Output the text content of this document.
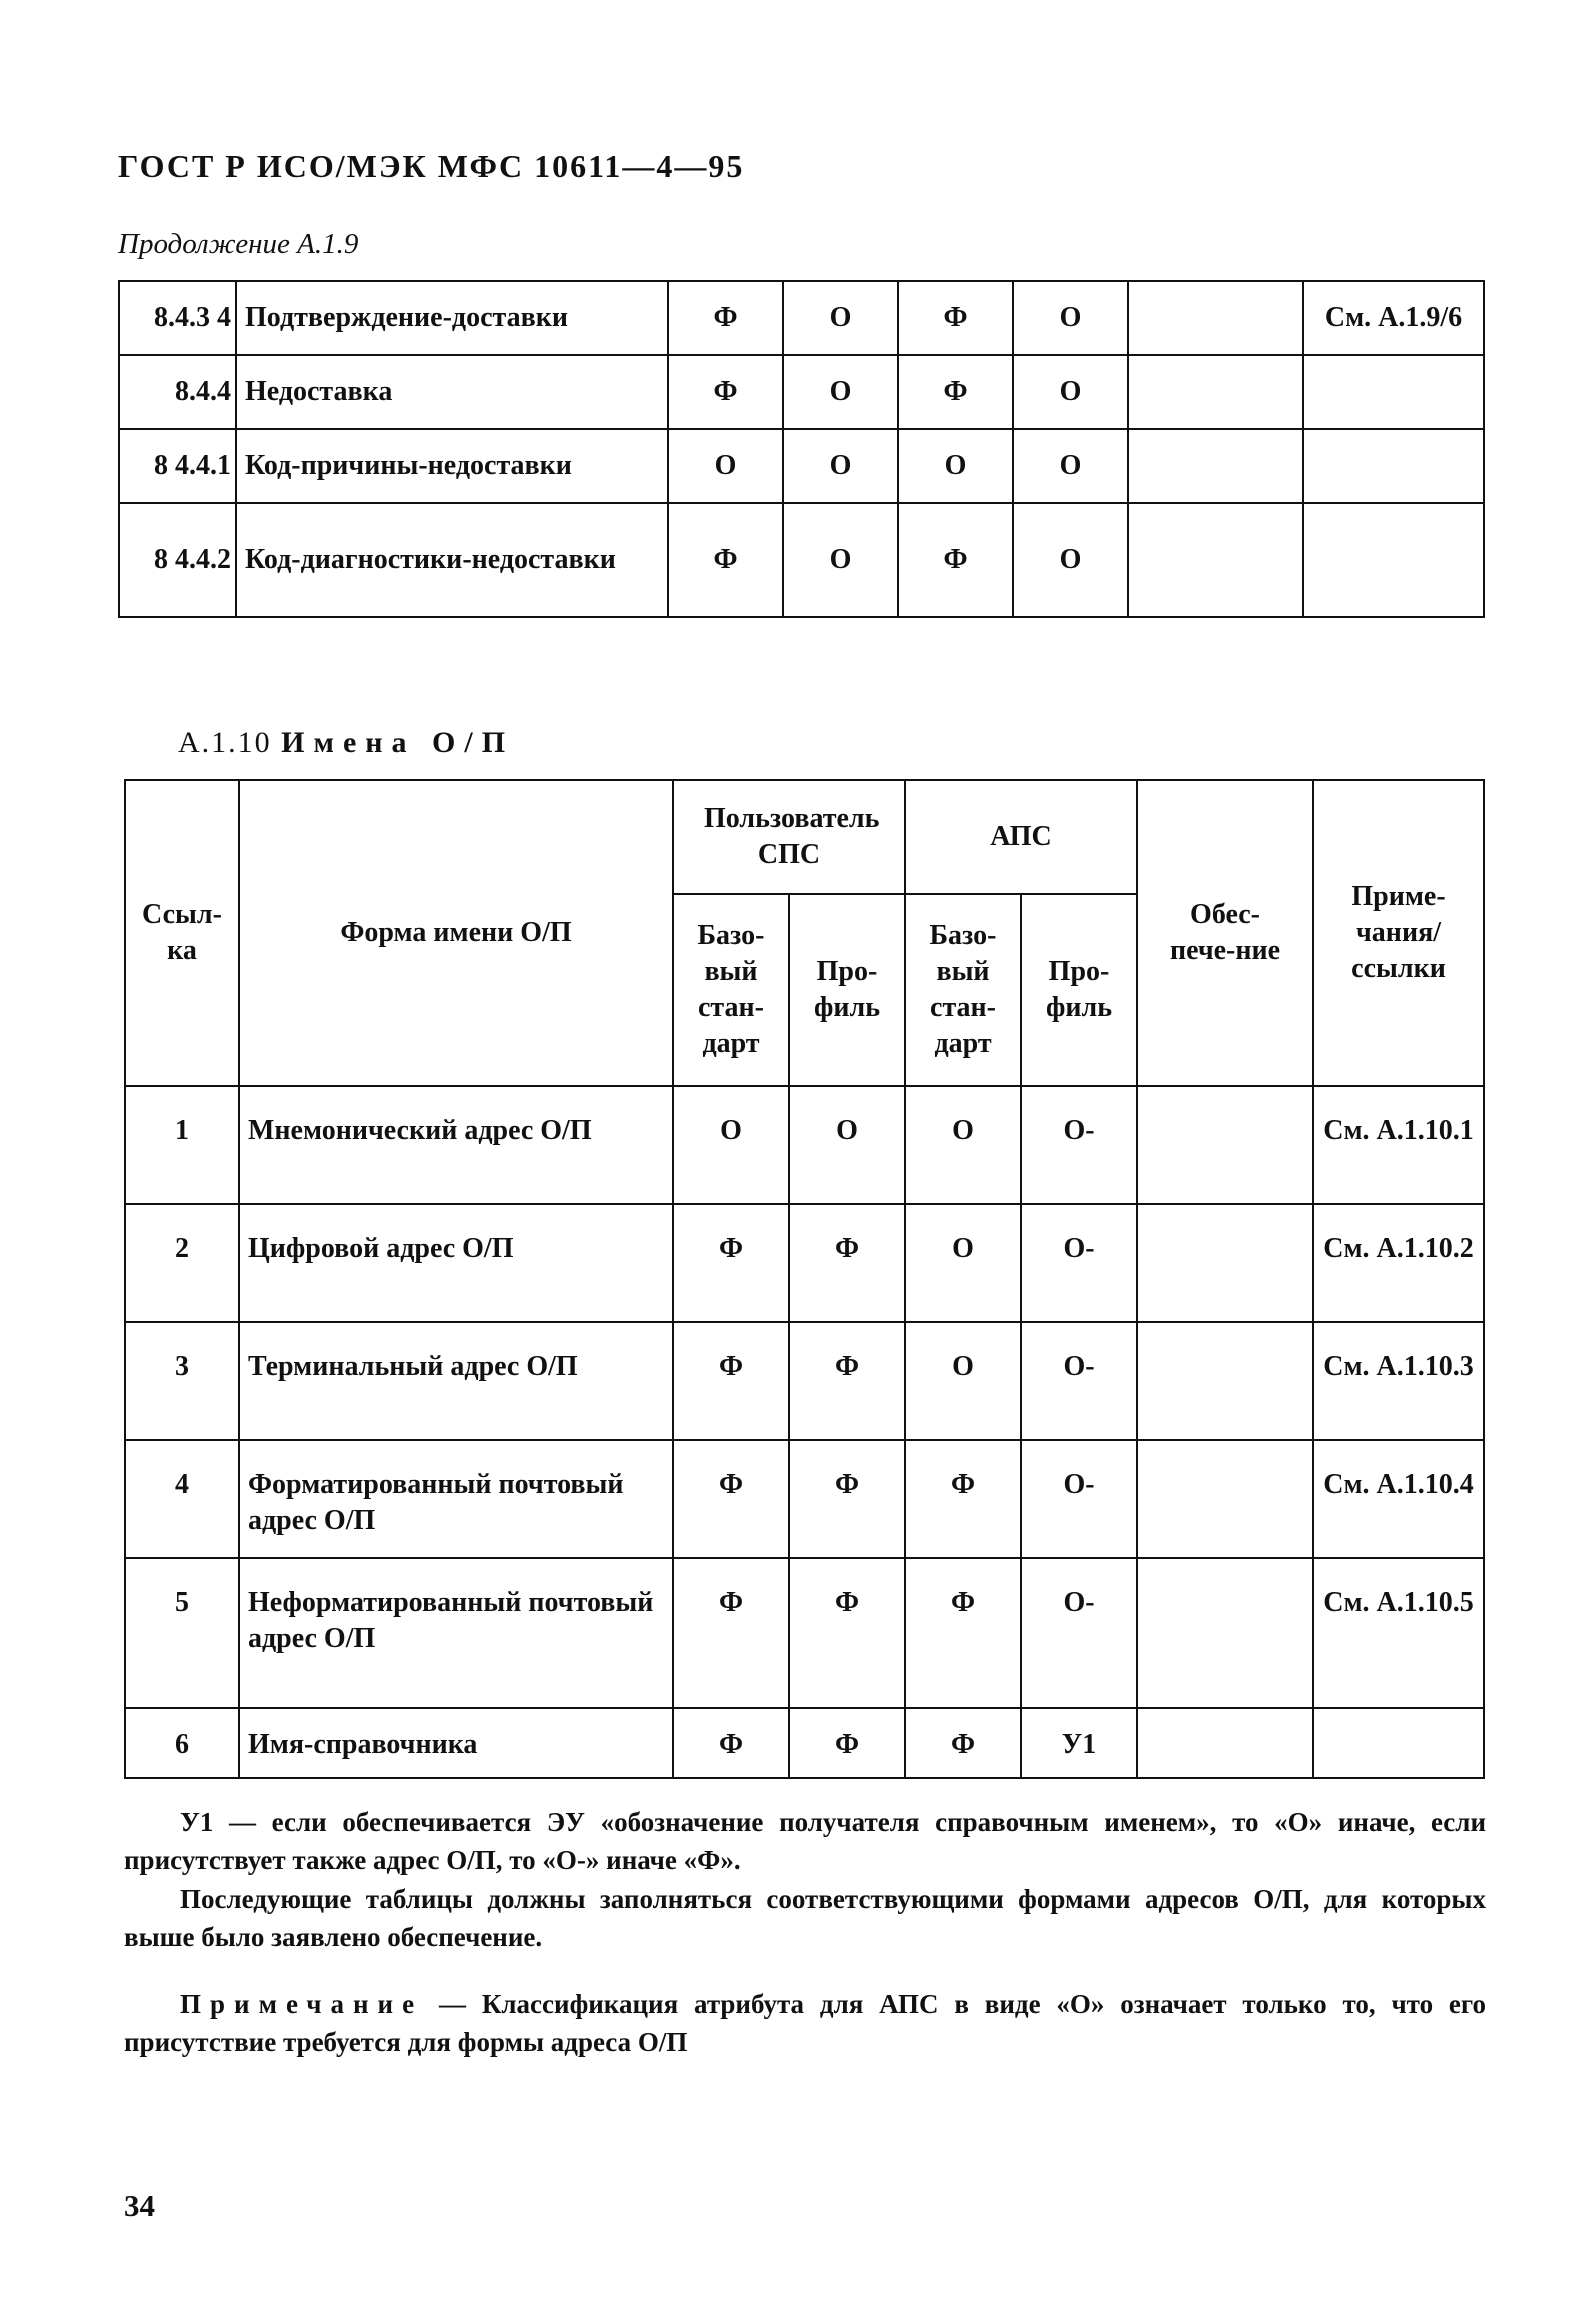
ГОСТ Р ИСО/МЭК МФС 10611—4—95
Продолжение А.1.9
8.4.3 4	Подтверждение-доставки	Ф	О	Ф	О		См. А.1.9/6
8.4.4	Недоставка	Ф	О	Ф	О		
8 4.4.1	Код-причины-недоставки	О	О	О	О		
8 4.4.2	Код-диагностики-недоставки	Ф	О	Ф	О		
А.1.10 Имена О/П
Ссыл-ка	Форма имени О/П	Пользователь СПС		АПС		Обес-пече-ние	Приме-чания/ ссылки
		Базо-вый стан-дарт	Про-филь	Базо-вый стан-дарт	Про-филь		
1	Мнемонический адрес О/П	О	О	О	О-		См. А.1.10.1
2	Цифровой адрес О/П	Ф	Ф	О	О-		См. А.1.10.2
3	Терминальный адрес О/П	Ф	Ф	О	О-		См. А.1.10.3
4	Форматированный почтовый адрес О/П	Ф	Ф	Ф	О-		См. А.1.10.4
5	Неформатированный почтовый адрес О/П	Ф	Ф	Ф	О-		См. А.1.10.5
6	Имя-справочника	Ф	Ф	Ф	У1		
У1 — если обеспечивается ЭУ «обозначение получателя справочным именем», то «О» иначе, если присутствует также адрес О/П, то «О-» иначе «Ф».
Последующие таблицы должны заполняться соответствующими формами адресов О/П, для которых выше было заявлено обеспечение.
Примечание — Классификация атрибута для АПС в виде «О» означает только то, что его присутствие требуется для формы адреса О/П
34
